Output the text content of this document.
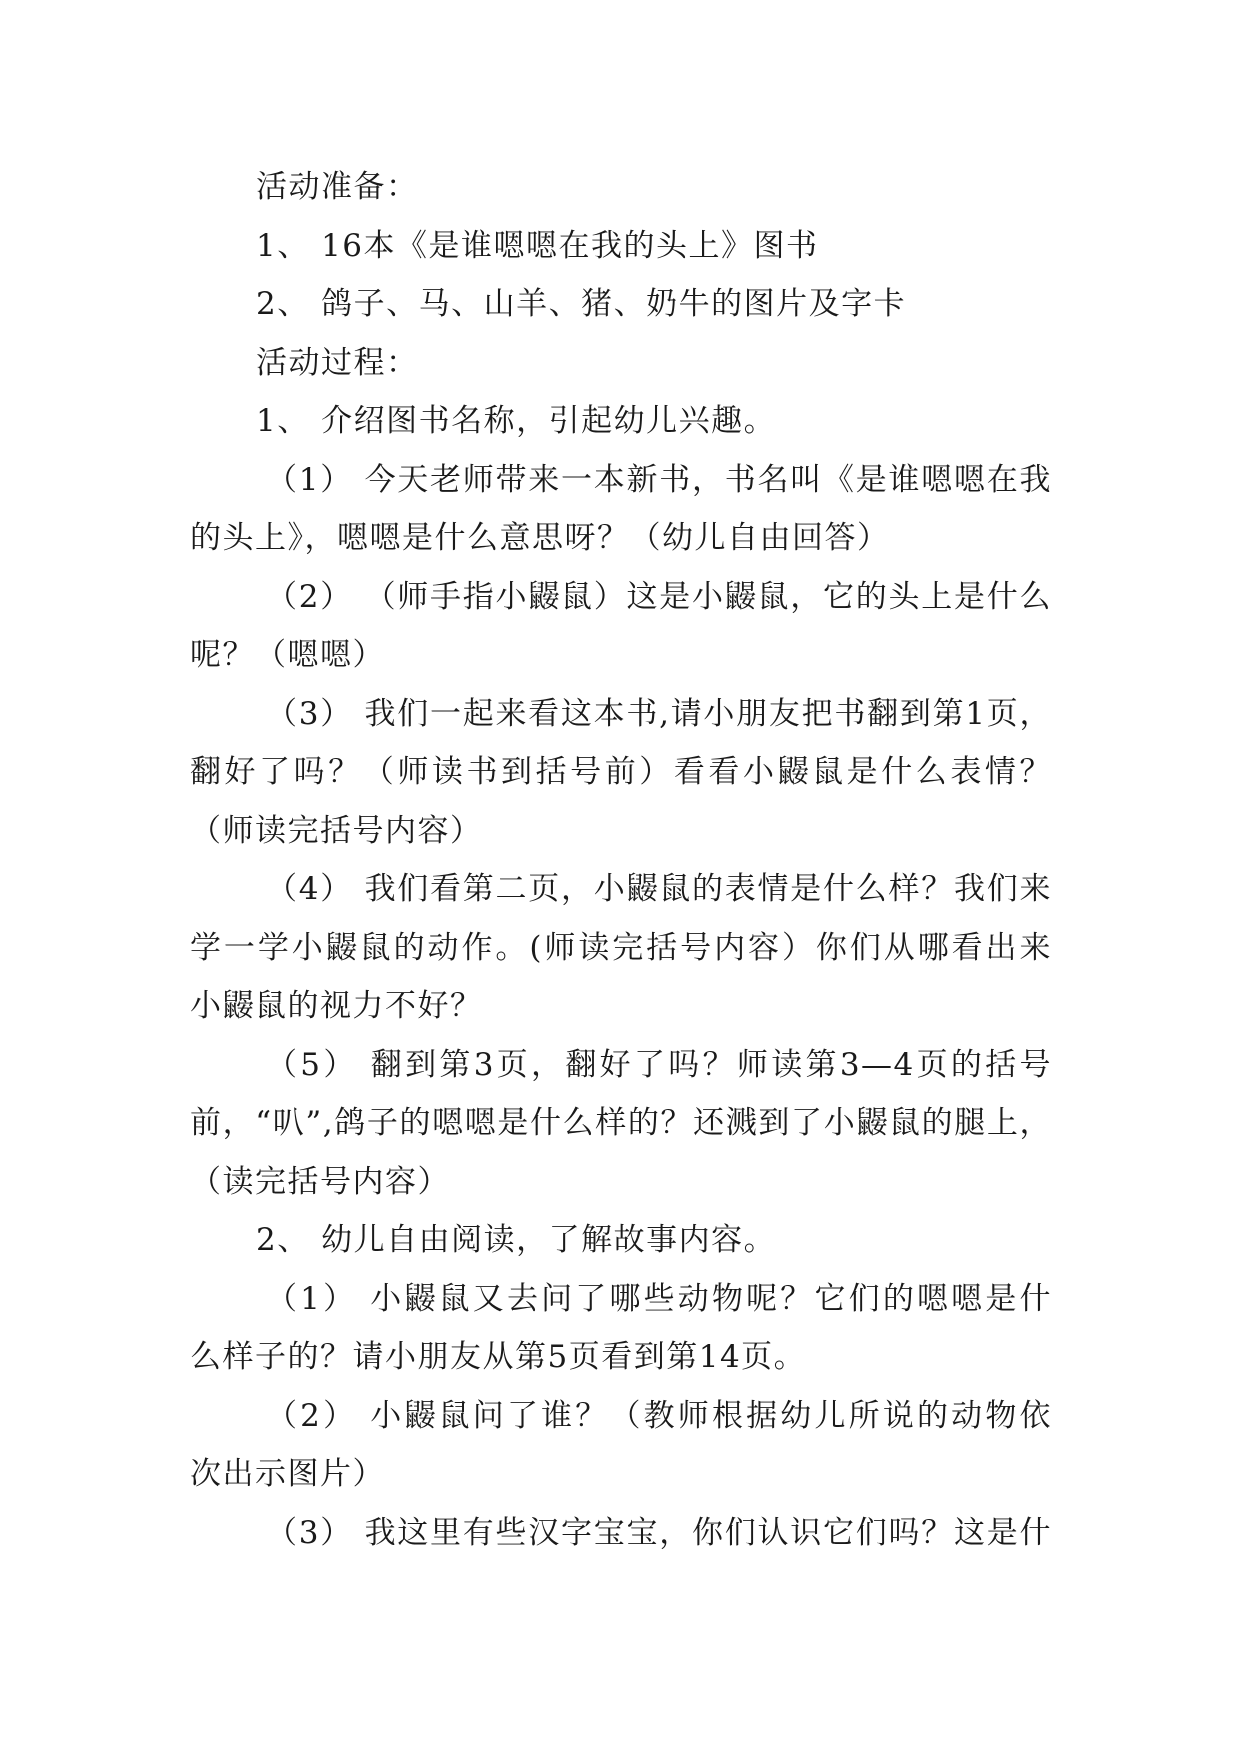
活动准备：
1、 16本《是谁嗯嗯在我的头上》图书
2、 鸽子、马、山羊、猪、奶牛的图片及字卡
活动过程：
1、 介绍图书名称，引起幼儿兴趣。
（1） 今天老师带来一本新书，书名叫《是谁嗯嗯在我
的头上》，嗯嗯是什么意思呀？（幼儿自由回答）
（2） （师手指小鼹鼠）这是小鼹鼠，它的头上是什么
呢？（嗯嗯）
（3） 我们一起来看这本书,请小朋友把书翻到第1页，
翻好了吗？（师读书到括号前）看看小鼹鼠是什么表情？
（师读完括号内容）
（4） 我们看第二页，小鼹鼠的表情是什么样？我们来
学一学小鼹鼠的动作。(师读完括号内容）你们从哪看出来
小鼹鼠的视力不好？
（5） 翻到第3页，翻好了吗？师读第3—4页的括号
前，“叭”,鸽子的嗯嗯是什么样的？还溅到了小鼹鼠的腿上，
（读完括号内容）
2、 幼儿自由阅读，了解故事内容。
（1） 小鼹鼠又去问了哪些动物呢？它们的嗯嗯是什
么样子的？请小朋友从第5页看到第14页。
（2） 小鼹鼠问了谁？（教师根据幼儿所说的动物依
次出示图片）
（3） 我这里有些汉字宝宝，你们认识它们吗？这是什
